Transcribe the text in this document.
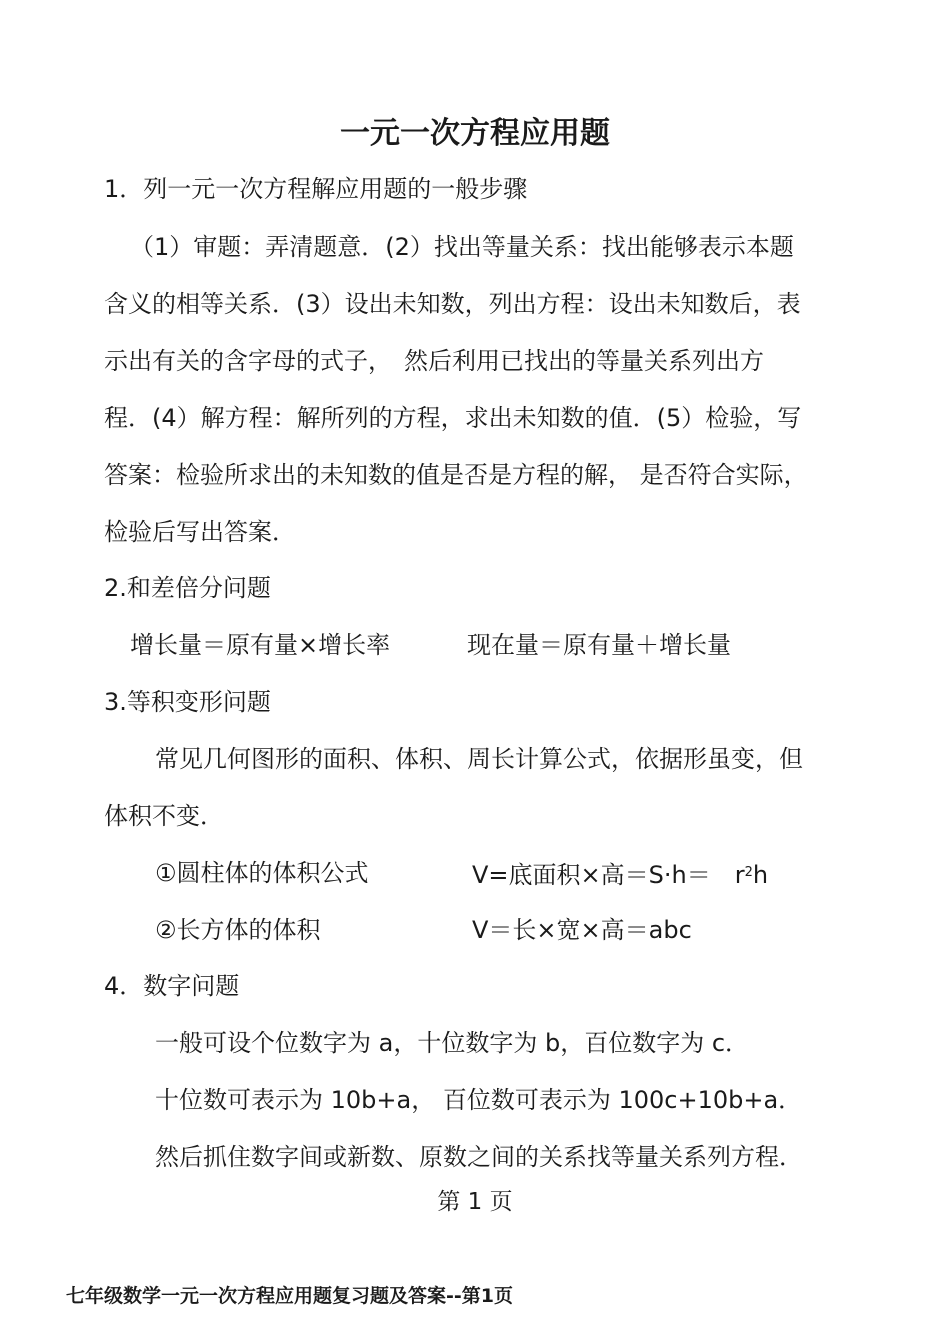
一元一次方程应用题
1．列一元一次方程解应用题的一般步骤
（1）审题：弄清题意．(2）找出等量关系：找出能够表示本题
含义的相等关系．(3）设出未知数，列出方程：设出未知数后，表
示出有关的含字母的式子，　然后利用已找出的等量关系列出方
程．(4）解方程：解所列的方程，求出未知数的值．(5）检验，写
答案：检验所求出的未知数的值是否是方程的解， 是否符合实际，
检验后写出答案．
2.和差倍分问题
增长量＝原有量×增长率	现在量＝原有量＋增长量
3.等积变形问题
常见几何图形的面积、体积、周长计算公式，依据形虽变，但
体积不变．
①圆柱体的体积公式	V=底面积×高$=S\cdot h= r^2h$
②长方体的体积	V＝长×宽×高＝abc
4．数字问题
一般可设个位数字为 a，十位数字为 b，百位数字为 c．
十位数可表示为 10b+a， 百位数可表示为 100c+10b+a．
然后抓住数字间或新数、原数之间的关系找等量关系列方程．
第 1 页
七年级数学一元一次方程应用题复习题及答案--第1页
